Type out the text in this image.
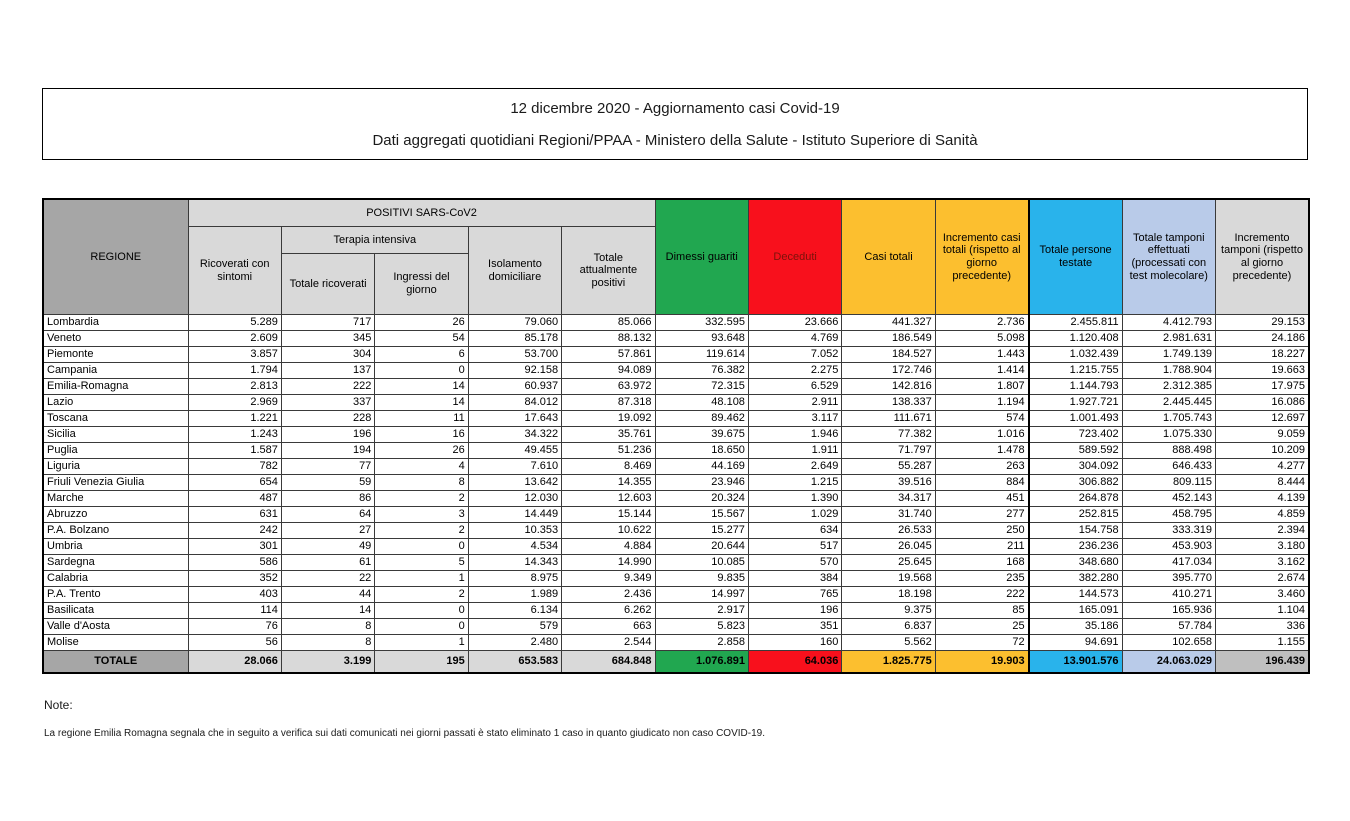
12 dicembre 2020 - Aggiornamento casi Covid-19
Dati aggregati quotidiani Regioni/PPAA - Ministero della Salute - Istituto Superiore di Sanità
REGIONE	POSITIVI SARS-CoV2					Dimessi guariti	Deceduti	Casi totali	Incremento casi totali (rispetto al giorno precedente)	Totale persone testate	Totale tamponi effettuati (processati con test molecolare)	Incremento tamponi (rispetto al giorno precedente)
	Ricoverati con sintomi	Terapia intensiva		Isolamento domiciliare	Totale attualmente positivi							
		Totale ricoverati	Ingressi del giorno									
Lombardia	5.289	717	26	79.060	85.066	332.595	23.666	441.327	2.736	2.455.811	4.412.793	29.153
Veneto	2.609	345	54	85.178	88.132	93.648	4.769	186.549	5.098	1.120.408	2.981.631	24.186
Piemonte	3.857	304	6	53.700	57.861	119.614	7.052	184.527	1.443	1.032.439	1.749.139	18.227
Campania	1.794	137	0	92.158	94.089	76.382	2.275	172.746	1.414	1.215.755	1.788.904	19.663
Emilia-Romagna	2.813	222	14	60.937	63.972	72.315	6.529	142.816	1.807	1.144.793	2.312.385	17.975
Lazio	2.969	337	14	84.012	87.318	48.108	2.911	138.337	1.194	1.927.721	2.445.445	16.086
Toscana	1.221	228	11	17.643	19.092	89.462	3.117	111.671	574	1.001.493	1.705.743	12.697
Sicilia	1.243	196	16	34.322	35.761	39.675	1.946	77.382	1.016	723.402	1.075.330	9.059
Puglia	1.587	194	26	49.455	51.236	18.650	1.911	71.797	1.478	589.592	888.498	10.209
Liguria	782	77	4	7.610	8.469	44.169	2.649	55.287	263	304.092	646.433	4.277
Friuli Venezia Giulia	654	59	8	13.642	14.355	23.946	1.215	39.516	884	306.882	809.115	8.444
Marche	487	86	2	12.030	12.603	20.324	1.390	34.317	451	264.878	452.143	4.139
Abruzzo	631	64	3	14.449	15.144	15.567	1.029	31.740	277	252.815	458.795	4.859
P.A. Bolzano	242	27	2	10.353	10.622	15.277	634	26.533	250	154.758	333.319	2.394
Umbria	301	49	0	4.534	4.884	20.644	517	26.045	211	236.236	453.903	3.180
Sardegna	586	61	5	14.343	14.990	10.085	570	25.645	168	348.680	417.034	3.162
Calabria	352	22	1	8.975	9.349	9.835	384	19.568	235	382.280	395.770	2.674
P.A. Trento	403	44	2	1.989	2.436	14.997	765	18.198	222	144.573	410.271	3.460
Basilicata	114	14	0	6.134	6.262	2.917	196	9.375	85	165.091	165.936	1.104
Valle d'Aosta	76	8	0	579	663	5.823	351	6.837	25	35.186	57.784	336
Molise	56	8	1	2.480	2.544	2.858	160	5.562	72	94.691	102.658	1.155
TOTALE	28.066	3.199	195	653.583	684.848	1.076.891	64.036	1.825.775	19.903	13.901.576	24.063.029	196.439
Note:
La regione Emilia Romagna segnala che in seguito a verifica sui dati comunicati nei giorni passati è stato eliminato 1 caso in quanto giudicato non caso COVID-19.
